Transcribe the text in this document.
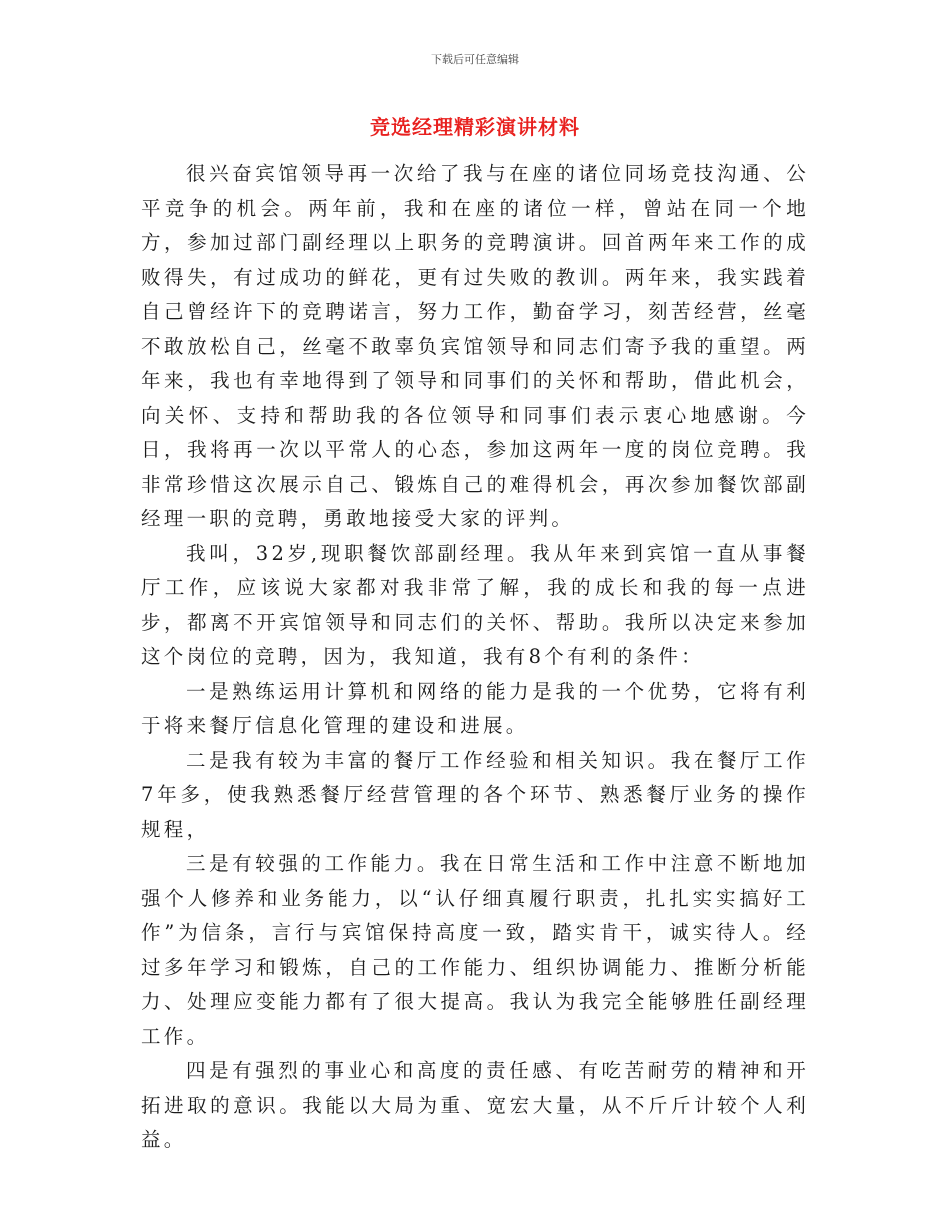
下载后可任意编辑
竞选经理精彩演讲材料

很兴奋宾馆领导再一次给了我与在座的诸位同场竞技沟通、公平竞争的机会。两年前，我和在座的诸位一样，曾站在同一个地方，参加过部门副经理以上职务的竞聘演讲。回首两年来工作的成败得失，有过成功的鲜花，更有过失败的教训。两年来，我实践着自己曾经许下的竞聘诺言，努力工作，勤奋学习，刻苦经营，丝毫不敢放松自己，丝毫不敢辜负宾馆领导和同志们寄予我的重望。两年来，我也有幸地得到了领导和同事们的关怀和帮助，借此机会，向关怀、支持和帮助我的各位领导和同事们表示衷心地感谢。今日，我将再一次以平常人的心态，参加这两年一度的岗位竞聘。我非常珍惜这次展示自己、锻炼自己的难得机会，再次参加餐饮部副经理一职的竞聘，勇敢地接受大家的评判。

我叫，32岁,现职餐饮部副经理。我从年来到宾馆一直从事餐厅工作，应该说大家都对我非常了解，我的成长和我的每一点进步，都离不开宾馆领导和同志们的关怀、帮助。我所以决定来参加这个岗位的竞聘，因为，我知道，我有8个有利的条件：

一是熟练运用计算机和网络的能力是我的一个优势，它将有利于将来餐厅信息化管理的建设和进展。

二是我有较为丰富的餐厅工作经验和相关知识。我在餐厅工作7年多，使我熟悉餐厅经营管理的各个环节、熟悉餐厅业务的操作规程，

三是有较强的工作能力。我在日常生活和工作中注意不断地加强个人修养和业务能力，以“认仔细真履行职责，扎扎实实搞好工作”为信条，言行与宾馆保持高度一致，踏实肯干，诚实待人。经过多年学习和锻炼，自己的工作能力、组织协调能力、推断分析能力、处理应变能力都有了很大提高。我认为我完全能够胜任副经理工作。

四是有强烈的事业心和高度的责任感、有吃苦耐劳的精神和开拓进取的意识。我能以大局为重、宽宏大量，从不斤斤计较个人利益。
